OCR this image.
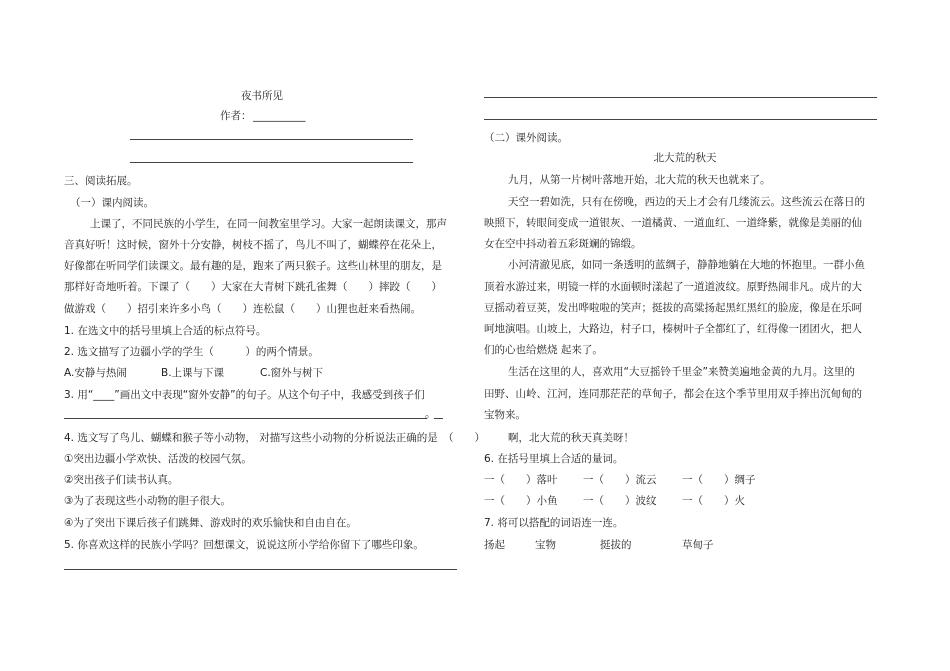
夜书所见
作者： __________
三、阅读拓展。
（一）课内阅读。
上课了，不同民族的小学生，在同一间教室里学习。大家一起朗读课文，那声
音真好听！这时候，窗外十分安静，树枝不摇了，鸟儿不叫了，蝴蝶停在花朵上，
好像都在听同学们读课文。最有趣的是，跑来了两只猴子。这些山林里的朋友，是
那样好奇地听着。下课了（　　）大家在大青树下跳孔雀舞（　　）摔跤（　　）
做游戏（　　）招引来许多小鸟（　　）连松鼠（　　）山狸也赶来看热闹。
1. 在选文中的括号里填上合适的标点符号。
2. 选文描写了边疆小学的学生（　　　）的两个情景。
A.安静与热闹	B.上课与下课	C.窗外与树下
3. 用“____”画出文中表现“窗外安静”的句子。从这个句子中，我感受到孩子们
。
4. 选文写了鸟儿、蝴蝶和猴子等小动物， 对描写这些小动物的分析说法正确的是　（　　）
①突出边疆小学欢快、活泼的校园气氛。
②突出孩子们读书认真。
③为了表现这些小动物的胆子很大。
④为了突出下课后孩子们跳舞、游戏时的欢乐愉快和自由自在。
5. 你喜欢这样的民族小学吗？回想课文，说说这所小学给你留下了哪些印象。
（二）课外阅读。
北大荒的秋天
九月，从第一片树叶落地开始，北大荒的秋天也就来了。
天空一碧如洗，只有在傍晚，西边的天上才会有几缕流云。这些流云在落日的
映照下，转眼间变成一道银灰、一道橘黄、一道血红、一道绛紫，就像是美丽的仙
女在空中抖动着五彩斑斓的锦缎。
小河清澈见底，如同一条透明的蓝绸子，静静地躺在大地的怀抱里。一群小鱼
顶着水游过来，明镜一样的水面顿时漾起了一道道波纹。原野热闹非凡。成片的大
豆摇动着豆荚，发出哗啦啦的笑声；挺拔的高粱扬起黑红黑红的脸庞，像是在乐呵
呵地演唱。山坡上，大路边，村子口，榛树叶子全都红了，红得像一团团火，把人
们的心也给燃烧 起来了。
生活在这里的人，喜欢用“大豆摇铃千里金”来赞美遍地金黄的九月。这里的
田野、山岭、江河，连同那茫茫的草甸子，都会在这个季节里用双手捧出沉甸甸的
宝物来。
啊，北大荒的秋天真美呀！
6. 在括号里填上合适的量词。
一（　　）落叶 一（　　）流云 一（　　）绸子
一（　　）小鱼 一（　　）波纹 一（　　）火
7. 将可以搭配的词语连一连。
扬起	宝物	挺拔的	草甸子
